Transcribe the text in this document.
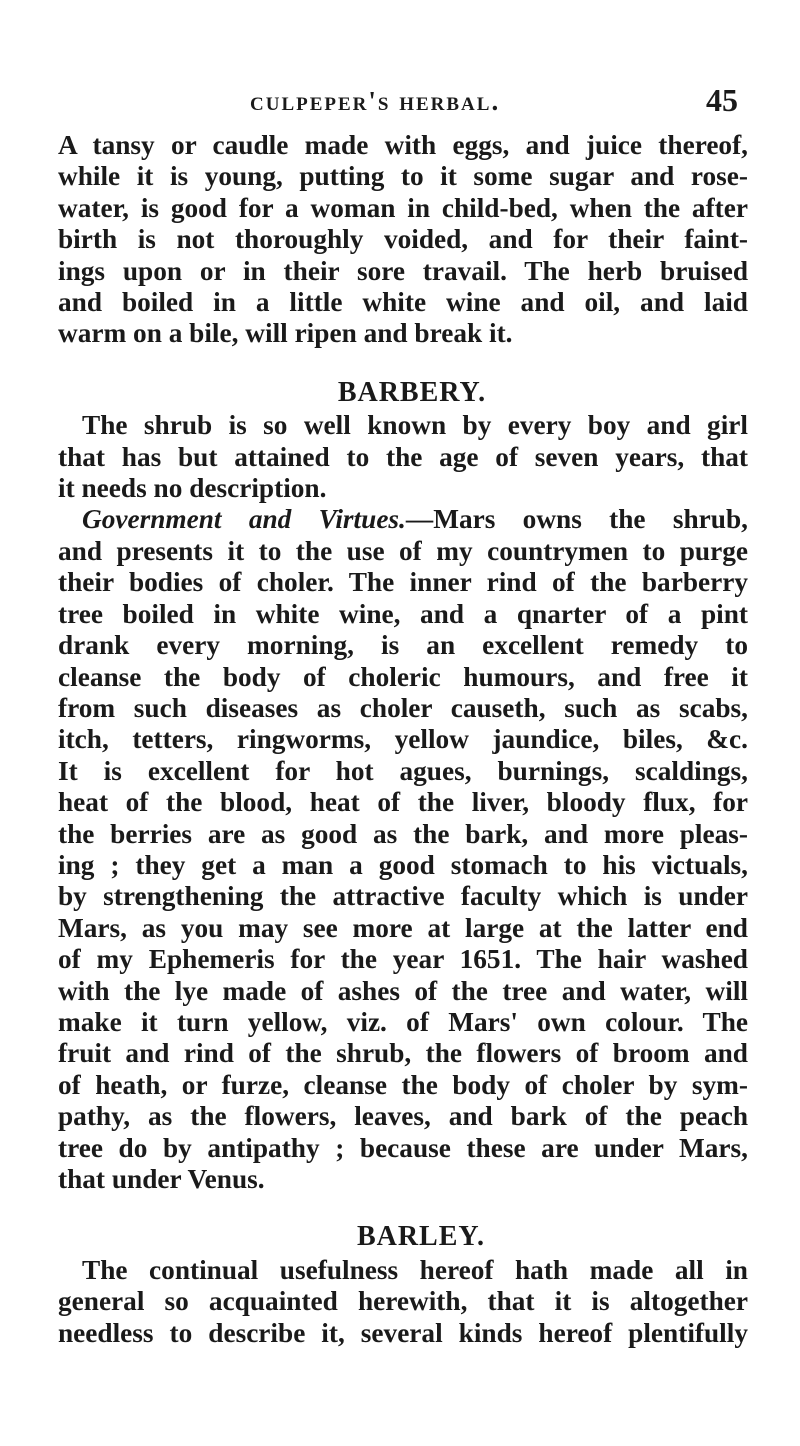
culpeper's herbal.	45
A tansy or caudle made with eggs, and juice thereof,
while it is young, putting to it some sugar and rose-
water, is good for a woman in child-bed, when the after
birth is not thoroughly voided, and for their faint-
ings upon or in their sore travail. The herb bruised
and boiled in a little white wine and oil, and laid
warm on a bile, will ripen and break it.
BARBERY.
The shrub is so well known by every boy and girl
that has but attained to the age of seven years, that
it needs no description.
Government and Virtues.—Mars owns the shrub,
and presents it to the use of my countrymen to purge
their bodies of choler. The inner rind of the barberry
tree boiled in white wine, and a qnarter of a pint
drank every morning, is an excellent remedy to
cleanse the body of choleric humours, and free it
from such diseases as choler causeth, such as scabs,
itch, tetters, ringworms, yellow jaundice, biles, &c.
It is excellent for hot agues, burnings, scaldings,
heat of the blood, heat of the liver, bloody flux, for
the berries are as good as the bark, and more pleas-
ing ; they get a man a good stomach to his victuals,
by strengthening the attractive faculty which is under
Mars, as you may see more at large at the latter end
of my Ephemeris for the year 1651. The hair washed
with the lye made of ashes of the tree and water, will
make it turn yellow, viz. of Mars' own colour. The
fruit and rind of the shrub, the flowers of broom and
of heath, or furze, cleanse the body of choler by sym-
pathy, as the flowers, leaves, and bark of the peach
tree do by antipathy ; because these are under Mars,
that under Venus.
BARLEY.
The continual usefulness hereof hath made all in
general so acquainted herewith, that it is altogether
needless to describe it, several kinds hereof plentifully
